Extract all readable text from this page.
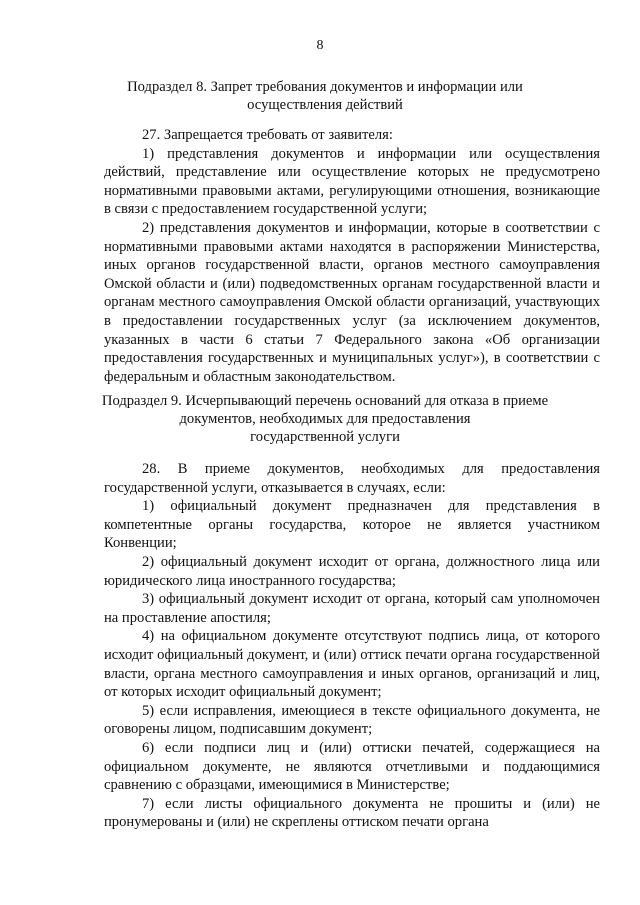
8
Подраздел 8. Запрет требования документов и информации или
осуществления действий

27. Запрещается требовать от заявителя:

1) представления документов и информации или осуществления действий, представление или осуществление которых не предусмотрено нормативными правовыми актами, регулирующими отношения, возникающие в связи с предоставлением государственной услуги;

2) представления документов и информации, которые в соответствии с нормативными правовыми актами находятся в распоряжении Министерства, иных органов государственной власти, органов местного самоуправления Омской области и (или) подведомственных органам государственной власти и органам местного самоуправления Омской области организаций, участвующих в предоставлении государственных услуг (за исключением документов, указанных в части 6 статьи 7 Федерального закона «Об организации предоставления государственных и муниципальных услуг»), в соответствии с федеральным и областным законодательством.

Подраздел 9. Исчерпывающий перечень оснований для отказа в приеме
документов, необходимых для предоставления
государственной услуги

28. В приеме документов, необходимых для предоставления государственной услуги, отказывается в случаях, если:

1) официальный документ предназначен для представления в компетентные органы государства, которое не является участником Конвенции;

2) официальный документ исходит от органа, должностного лица или юридического лица иностранного государства;

3) официальный документ исходит от органа, который сам уполномочен на проставление апостиля;

4) на официальном документе отсутствуют подпись лица, от которого исходит официальный документ, и (или) оттиск печати органа государственной власти, органа местного самоуправления и иных органов, организаций и лиц, от которых исходит официальный документ;

5) если исправления, имеющиеся в тексте официального документа, не оговорены лицом, подписавшим документ;

6) если подписи лиц и (или) оттиски печатей, содержащиеся на официальном документе, не являются отчетливыми и поддающимися сравнению с образцами, имеющимися в Министерстве;

7) если листы официального документа не прошиты и (или) не пронумерованы и (или) не скреплены оттиском печати органа
